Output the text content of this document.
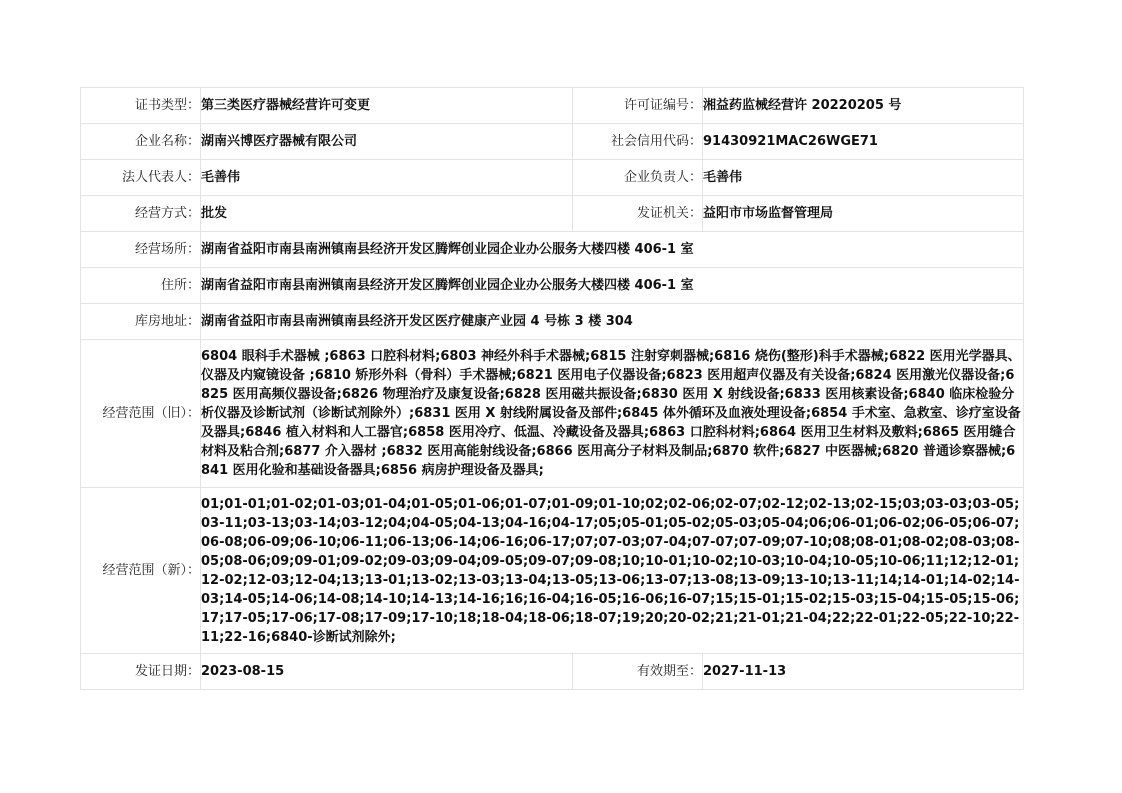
证书类型：	第三类医疗器械经营许可变更	许可证编号：	湘益药监械经营许 20220205 号
企业名称：	湖南兴博医疗器械有限公司	社会信用代码：	91430921MAC26WGE71
法人代表人：	毛善伟	企业负责人：	毛善伟
经营方式：	批发	发证机关：	益阳市市场监督管理局
经营场所：	湖南省益阳市南县南洲镇南县经济开发区腾辉创业园企业办公服务大楼四楼 406-1 室		
住所：	湖南省益阳市南县南洲镇南县经济开发区腾辉创业园企业办公服务大楼四楼 406-1 室		
库房地址：	湖南省益阳市南县南洲镇南县经济开发区医疗健康产业园 4 号栋 3 楼 304		
经营范围（旧）：	6804 眼科手术器械 ;6863 口腔科材料;6803 神经外科手术器械;6815 注射穿刺器械;6816 烧伤(整形)科手术器械;6822 医用光学器具、仪器及内窥镜设备 ;6810 矫形外科（骨科）手术器械;6821 医用电子仪器设备;6823 医用超声仪器及有关设备;6824 医用激光仪器设备;6825 医用高频仪器设备;6826 物理治疗及康复设备;6828 医用磁共振设备;6830 医用 X 射线设备;6833 医用核素设备;6840 临床检验分析仪器及诊断试剂（诊断试剂除外）;6831 医用 X 射线附属设备及部件;6845 体外循环及血液处理设备;6854 手术室、急救室、诊疗室设备及器具;6846 植入材料和人工器官;6858 医用冷疗、低温、冷藏设备及器具;6863 口腔科材料;6864 医用卫生材料及敷料;6865 医用缝合材料及粘合剂;6877 介入器材 ;6832 医用高能射线设备;6866 医用高分子材料及制品;6870 软件;6827 中医器械;6820 普通诊察器械;6841 医用化验和基础设备器具;6856 病房护理设备及器具;		
经营范围（新）：	01;01-01;01-02;01-03;01-04;01-05;01-06;01-07;01-09;01-10;02;02-06;02-07;02-12;02-13;02-15;03;03-03;03-05;03-11;03-13;03-14;03-12;04;04-05;04-13;04-16;04-17;05;05-01;05-02;05-03;05-04;06;06-01;06-02;06-05;06-07;06-08;06-09;06-10;06-11;06-13;06-14;06-16;06-17;07;07-03;07-04;07-07;07-09;07-10;08;08-01;08-02;08-03;08-05;08-06;09;09-01;09-02;09-03;09-04;09-05;09-07;09-08;10;10-01;10-02;10-03;10-04;10-05;10-06;11;12;12-01;12-02;12-03;12-04;13;13-01;13-02;13-03;13-04;13-05;13-06;13-07;13-08;13-09;13-10;13-11;14;14-01;14-02;14-03;14-05;14-06;14-08;14-10;14-13;14-16;16;16-04;16-05;16-06;16-07;15;15-01;15-02;15-03;15-04;15-05;15-06;17;17-05;17-06;17-08;17-09;17-10;18;18-04;18-06;18-07;19;20;20-02;21;21-01;21-04;22;22-01;22-05;22-10;22-11;22-16;6840-诊断试剂除外;		
发证日期：	2023-08-15	有效期至：	2027-11-13
